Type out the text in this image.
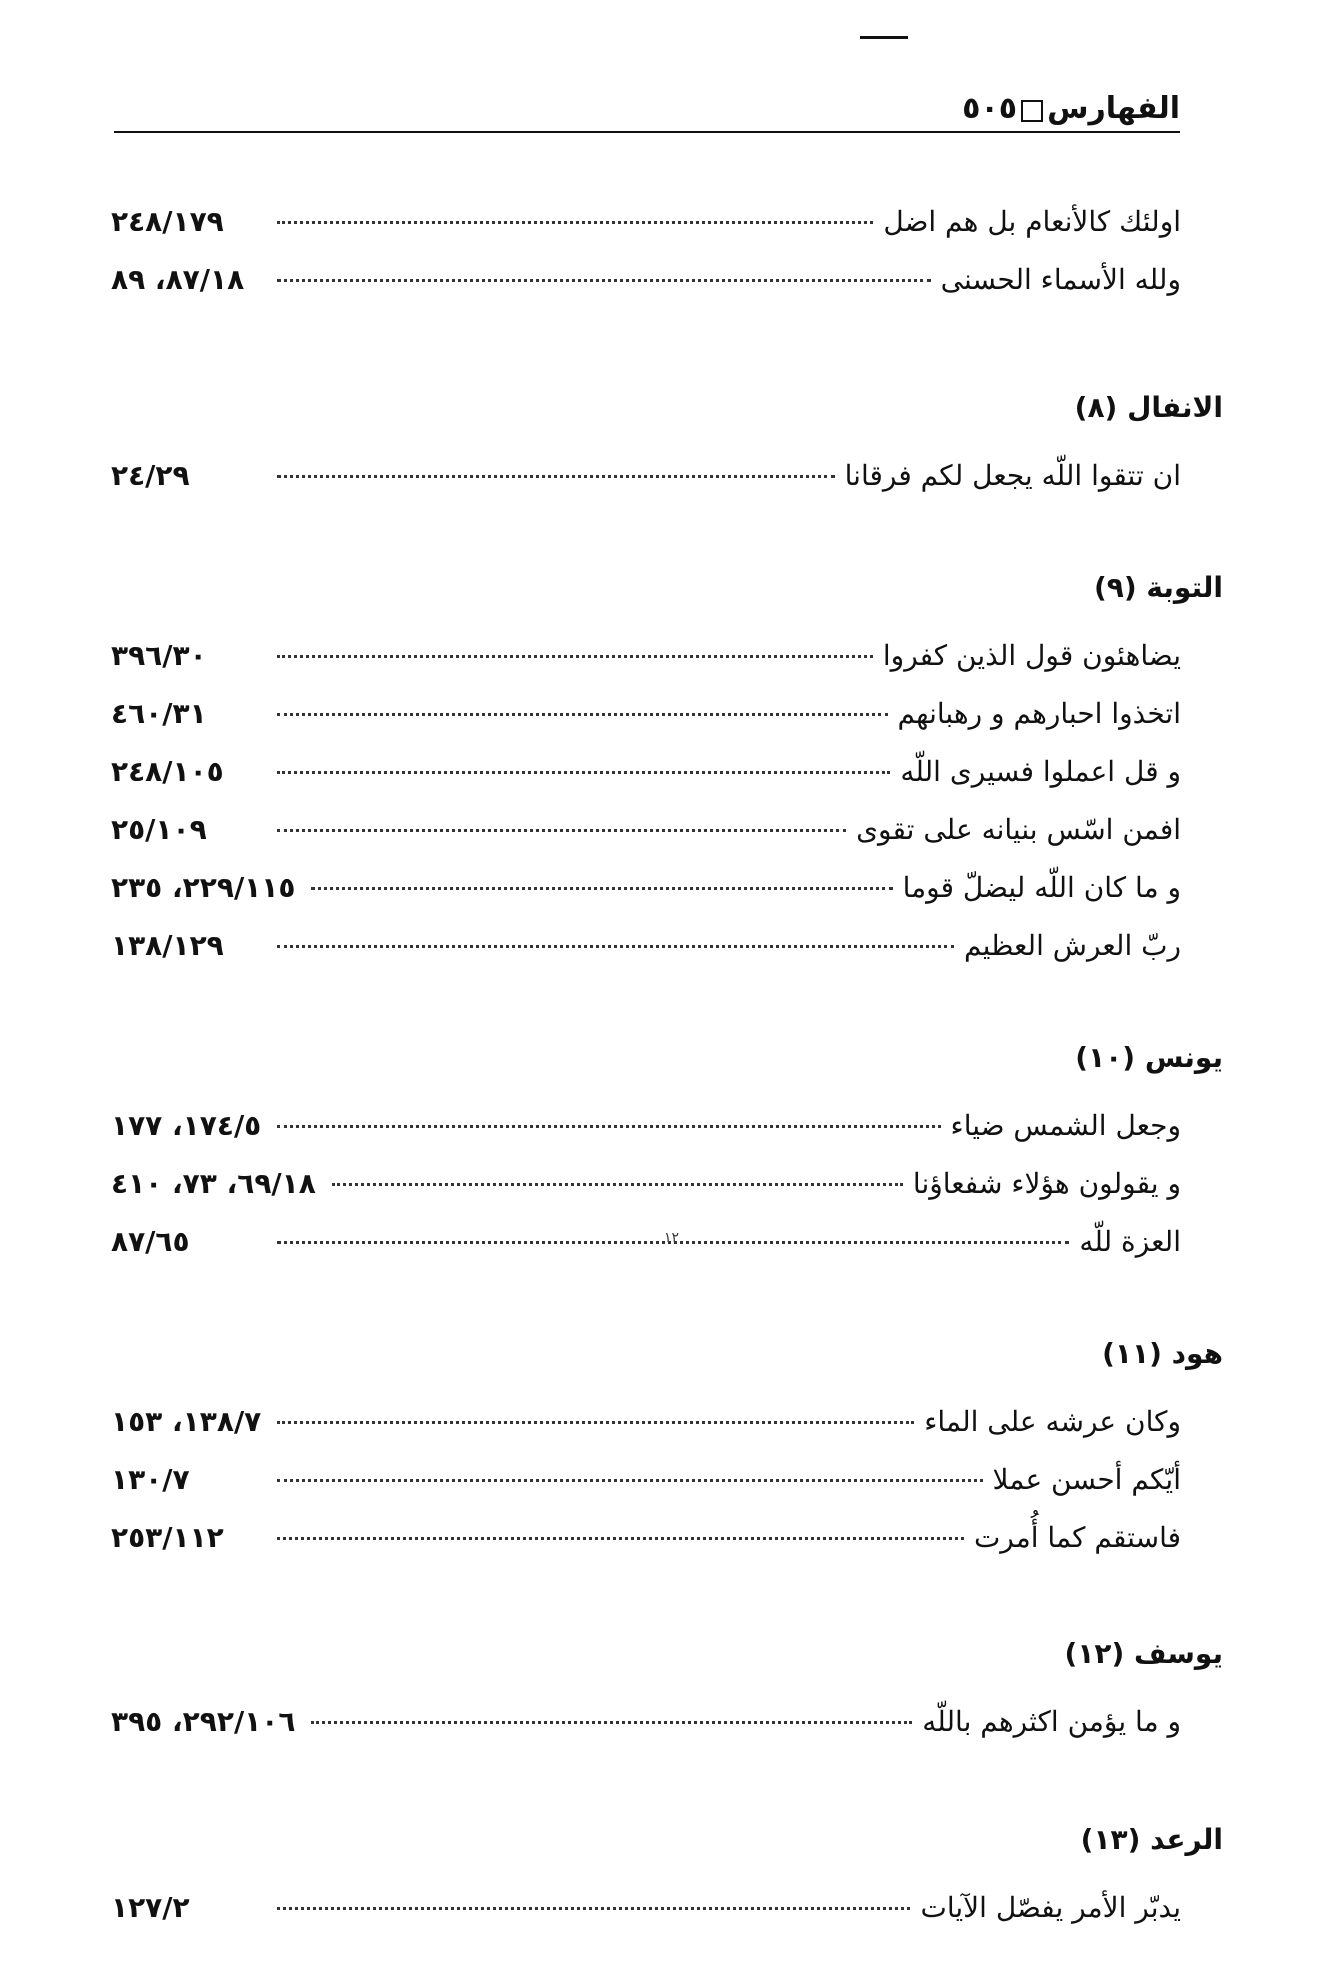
الفهارس
٥٠٥
اولئك كالأنعام بل هم اضل
٢٤٨/١٧٩
ولله الأسماء الحسنى
٨٧/١٨، ٨٩
الانفال (٨)
ان تتقوا اللّه يجعل لكم فرقانا
٢٤/٢٩
التوبة (٩)
يضاهئون قول الذين كفروا
٣٩٦/٣٠
اتخذوا احبارهم و رهبانهم
٤٦٠/٣١
و قل اعملوا فسيرى اللّه
٢٤٨/١٠٥
افمن اسّس بنيانه على تقوى
٢٥/١٠٩
و ما كان اللّه ليضلّ قوما
٢٢٩/١١٥، ٢٣٥
ربّ العرش العظيم
١٣٨/١٢٩
يونس (١٠)
وجعل الشمس ضياء
١٧٤/٥، ١٧٧
و يقولون هؤلاء شفعاؤنا
٦٩/١٨، ٧٣، ٤١٠
العزة للّه
٨٧/٦٥
هود (١١)
وكان عرشه على الماء
١٣٨/٧، ١٥٣
أيّكم أحسن عملا
١٣٠/٧
فاستقم كما أُمرت
٢٥٣/١١٢
يوسف (١٢)
و ما يؤمن اكثرهم باللّه
٢٩٢/١٠٦، ٣٩٥
الرعد (١٣)
يدبّر الأمر يفصّل الآيات
١٢٧/٢
١٢
